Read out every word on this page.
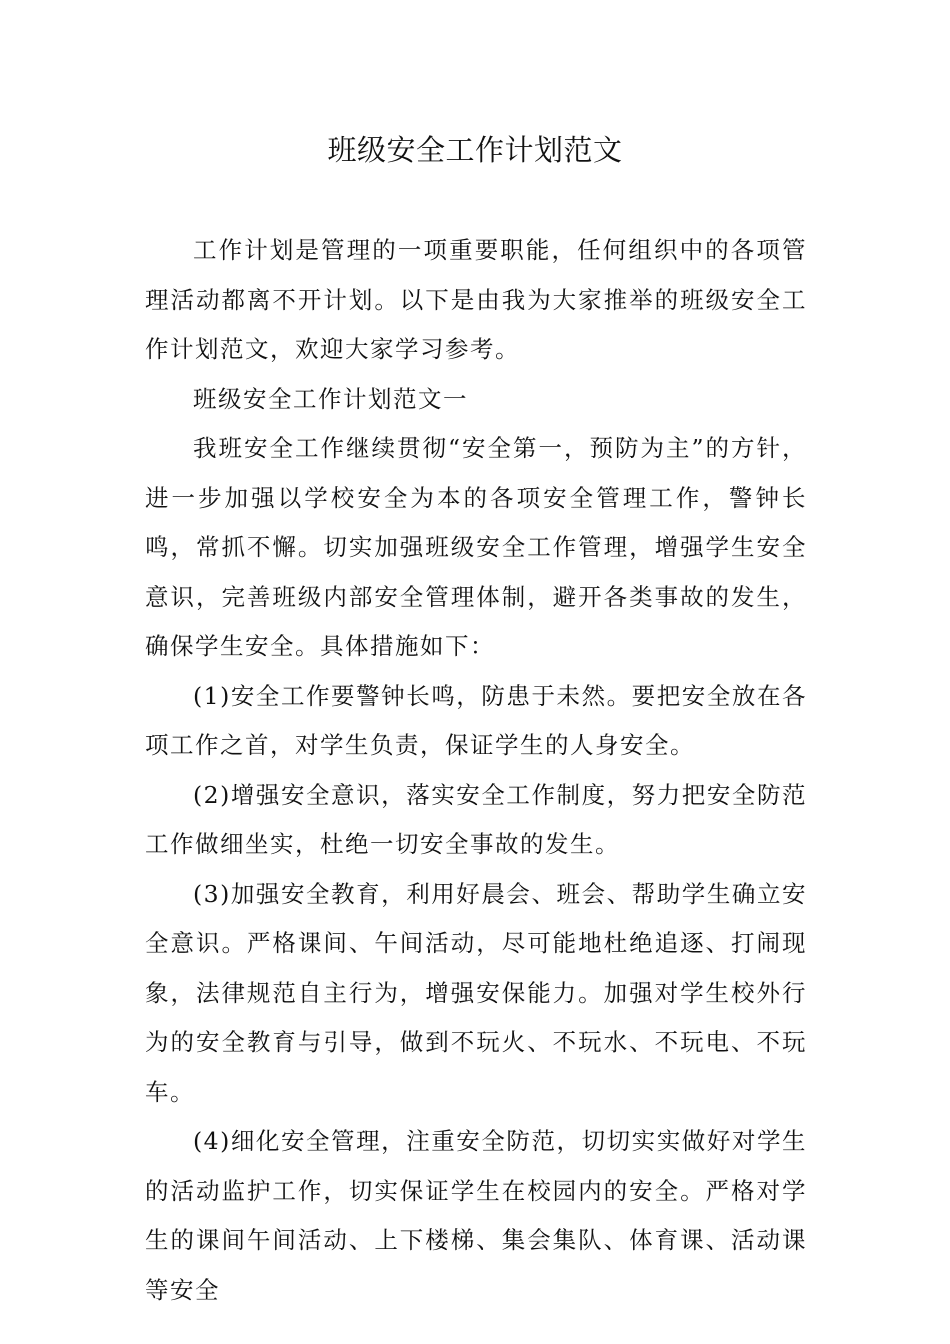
班级安全工作计划范文

工作计划是管理的一项重要职能，任何组织中的各项管理活动都离不开计划。以下是由我为大家推举的班级安全工作计划范文，欢迎大家学习参考。

班级安全工作计划范文一

我班安全工作继续贯彻“安全第一，预防为主”的方针，进一步加强以学校安全为本的各项安全管理工作，警钟长鸣，常抓不懈。切实加强班级安全工作管理，增强学生安全意识，完善班级内部安全管理体制，避开各类事故的发生，确保学生安全。具体措施如下：

(1)安全工作要警钟长鸣，防患于未然。要把安全放在各项工作之首，对学生负责，保证学生的人身安全。

(2)增强安全意识，落实安全工作制度，努力把安全防范工作做细坐实，杜绝一切安全事故的发生。

(3)加强安全教育，利用好晨会、班会、帮助学生确立安全意识。严格课间、午间活动，尽可能地杜绝追逐、打闹现象，法律规范自主行为，增强安保能力。加强对学生校外行为的安全教育与引导，做到不玩火、不玩水、不玩电、不玩车。

(4)细化安全管理，注重安全防范，切切实实做好对学生的活动监护工作，切实保证学生在校园内的安全。严格对学生的课间午间活动、上下楼梯、集会集队、体育课、活动课等安全
